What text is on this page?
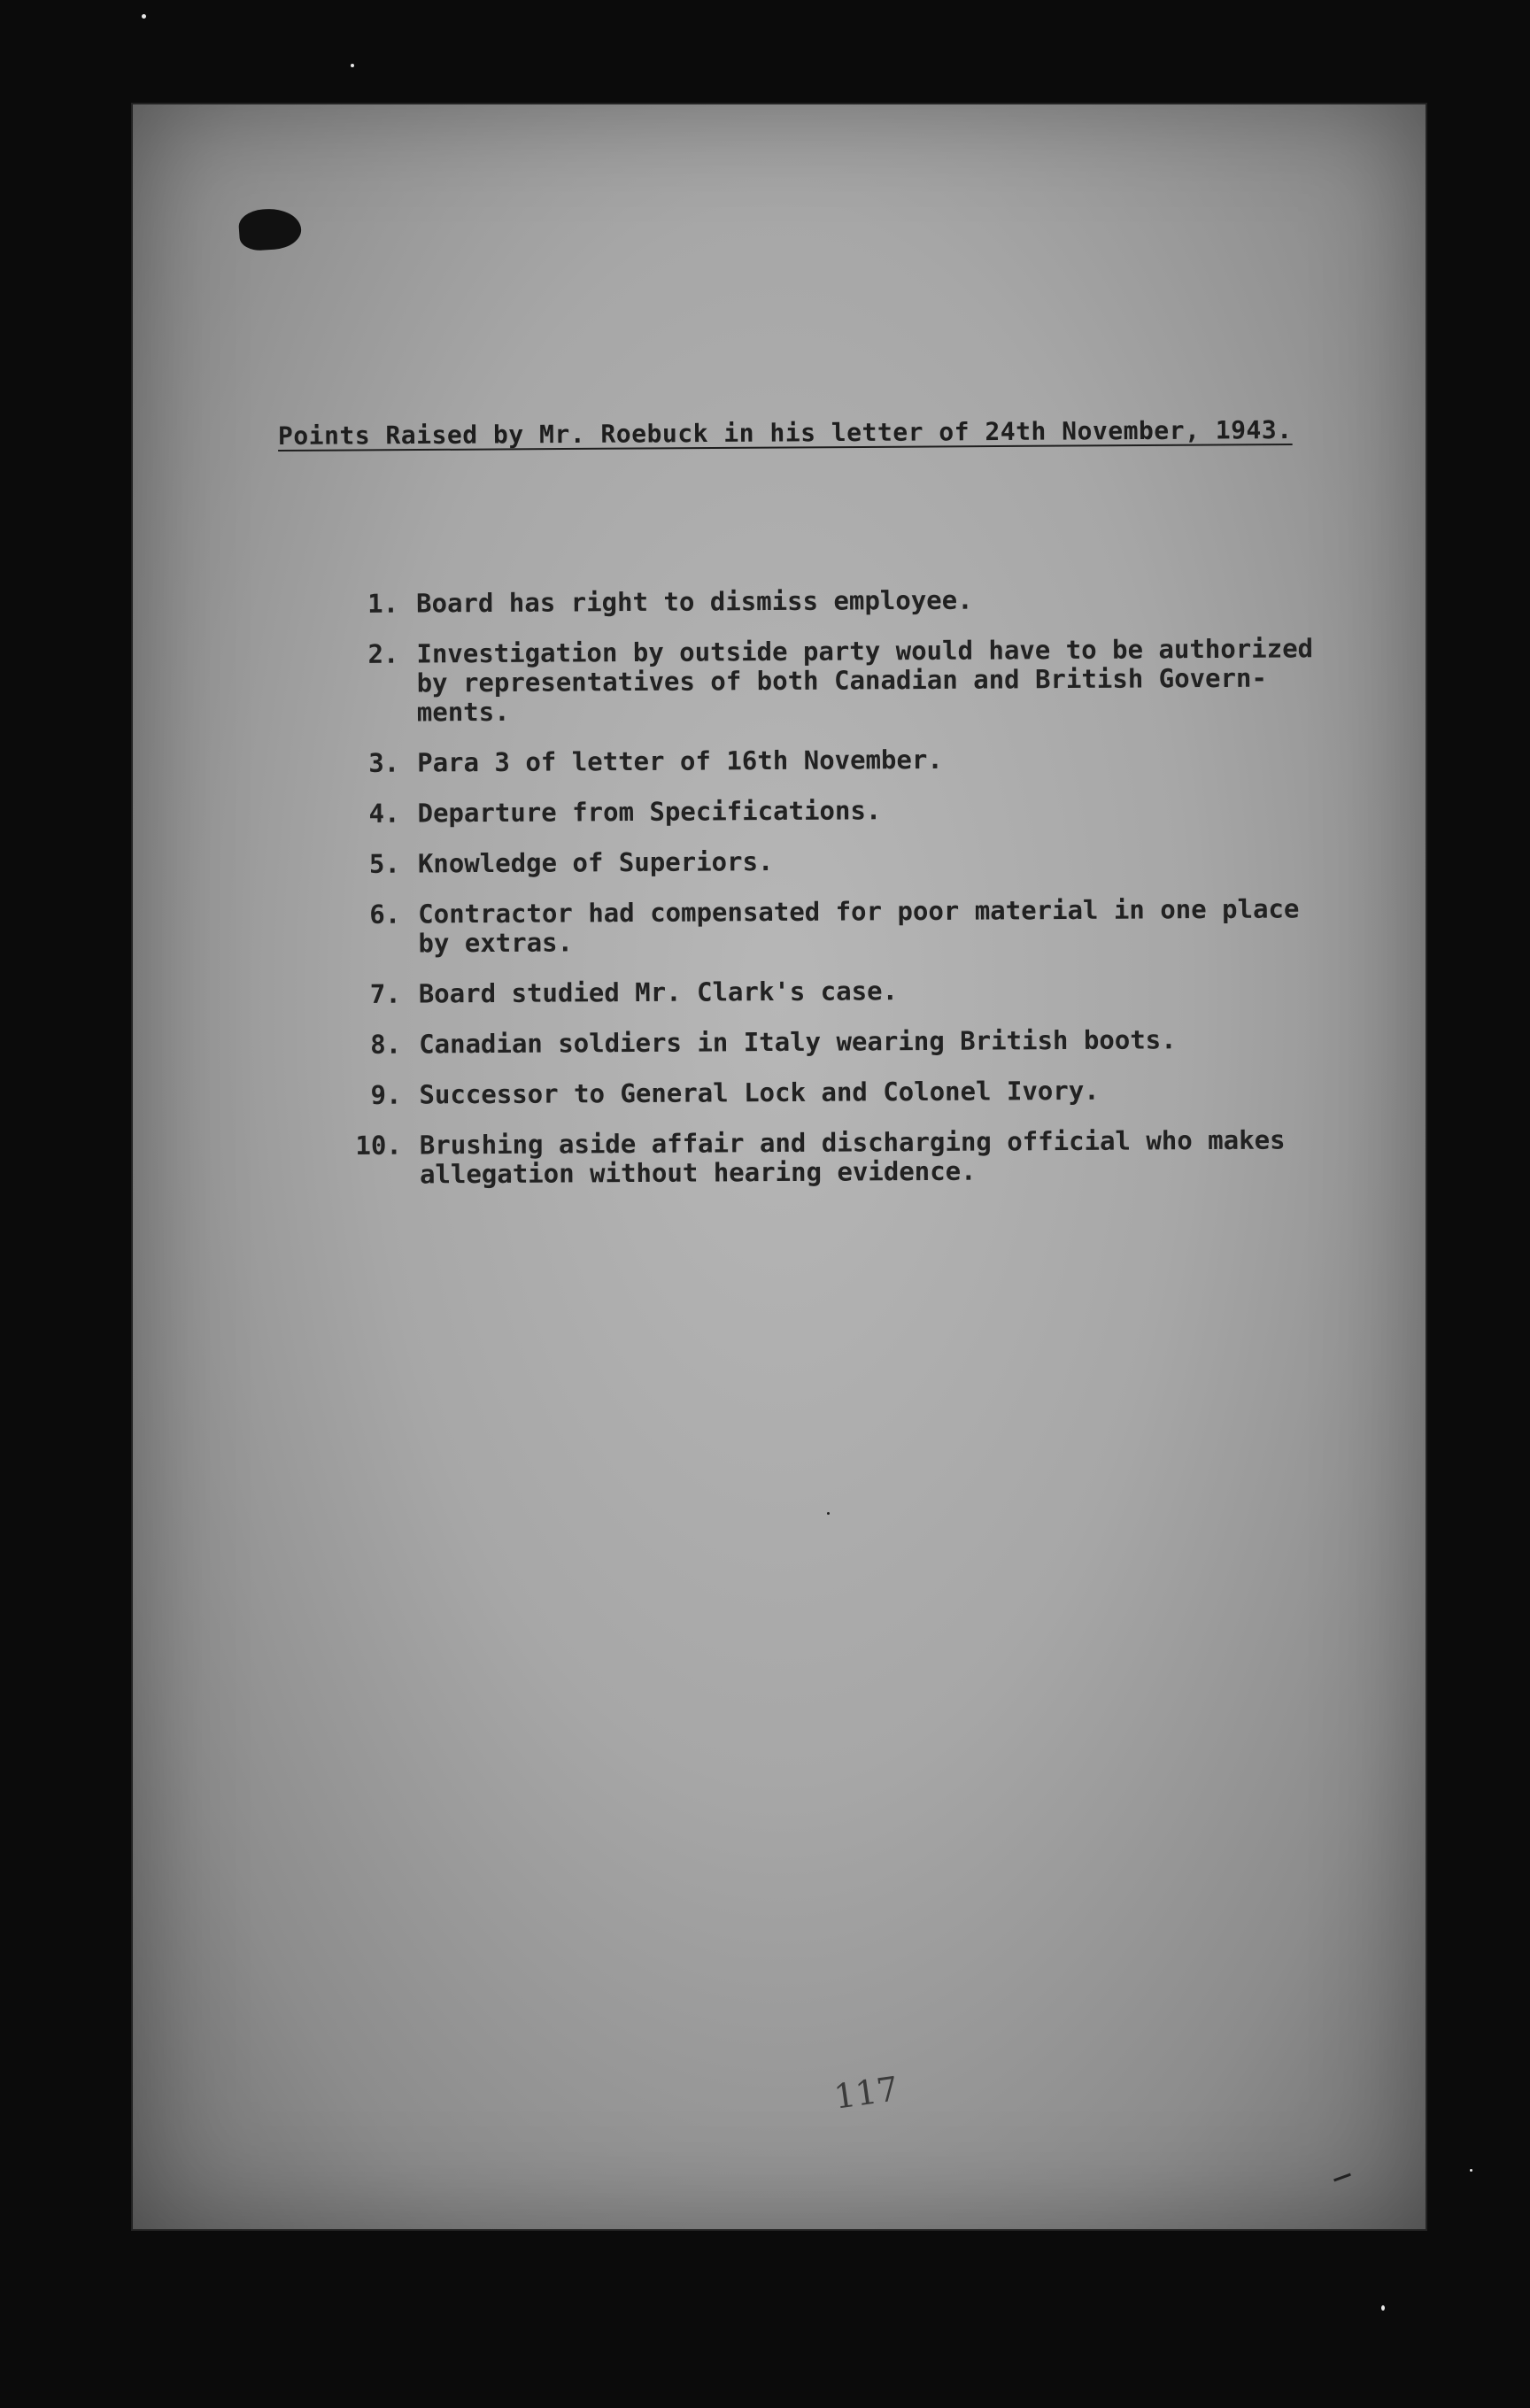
Points Raised by Mr. Roebuck in his letter of 24th November, 1943.
1. Board has right to dismiss employee.
2. Investigation by outside party would have to be authorized
by representatives of both Canadian and British Govern-
ments.
3. Para 3 of letter of 16th November.
4. Departure from Specifications.
5. Knowledge of Superiors.
6. Contractor had compensated for poor material in one place
by extras.
7. Board studied Mr. Clark's case.
8. Canadian soldiers in Italy wearing British boots.
9. Successor to General Lock and Colonel Ivory.
10. Brushing aside affair and discharging official who makes
allegation without hearing evidence.
117
